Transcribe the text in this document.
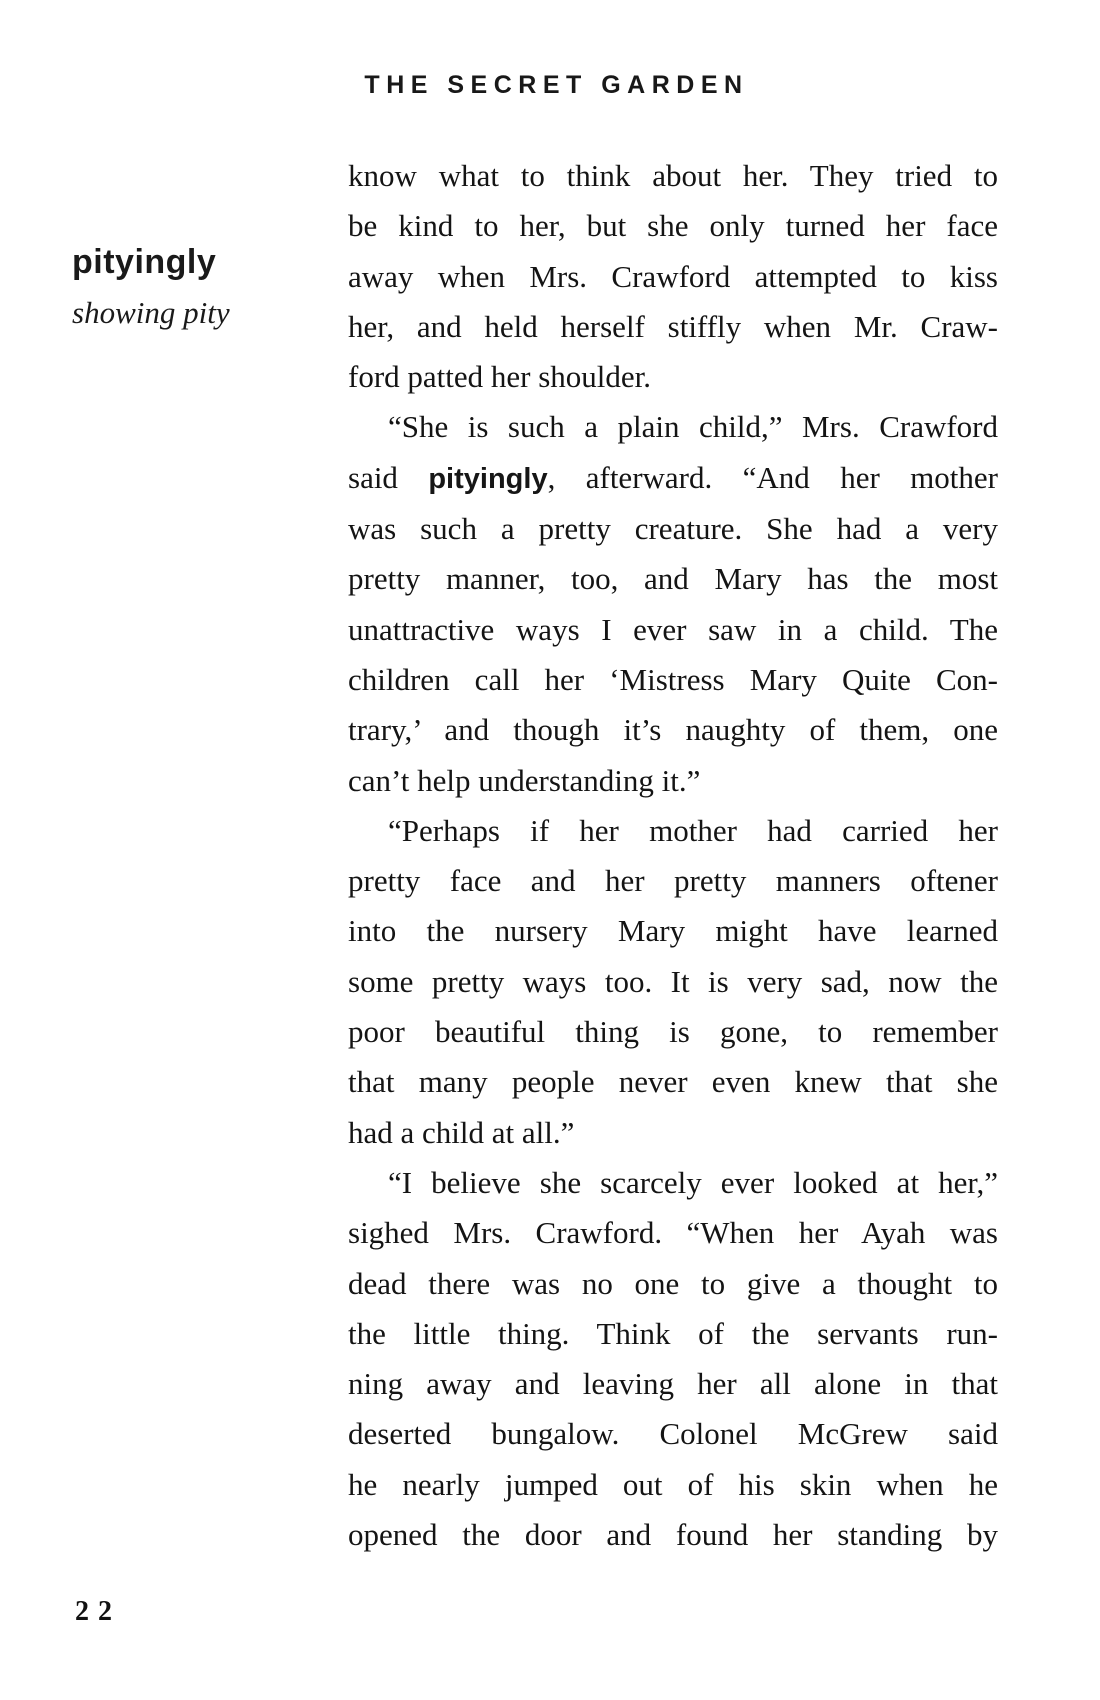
THE SECRET GARDEN
pityingly
showing pity
know what to think about her. They tried to
be kind to her, but she only turned her face
away when Mrs. Crawford attempted to kiss
her, and held herself stiffly when Mr. Craw-
ford patted her shoulder.
“She is such a plain child,” Mrs. Crawford
said pityingly, afterward. “And her mother
was such a pretty creature. She had a very
pretty manner, too, and Mary has the most
unattractive ways I ever saw in a child. The
children call her ‘Mistress Mary Quite Con-
trary,’ and though it’s naughty of them, one
can’t help understanding it.”
“Perhaps if her mother had carried her
pretty face and her pretty manners oftener
into the nursery Mary might have learned
some pretty ways too. It is very sad, now the
poor beautiful thing is gone, to remember
that many people never even knew that she
had a child at all.”
“I believe she scarcely ever looked at her,”
sighed Mrs. Crawford. “When her Ayah was
dead there was no one to give a thought to
the little thing. Think of the servants run-
ning away and leaving her all alone in that
deserted bungalow. Colonel McGrew said
he nearly jumped out of his skin when he
opened the door and found her standing by
22
